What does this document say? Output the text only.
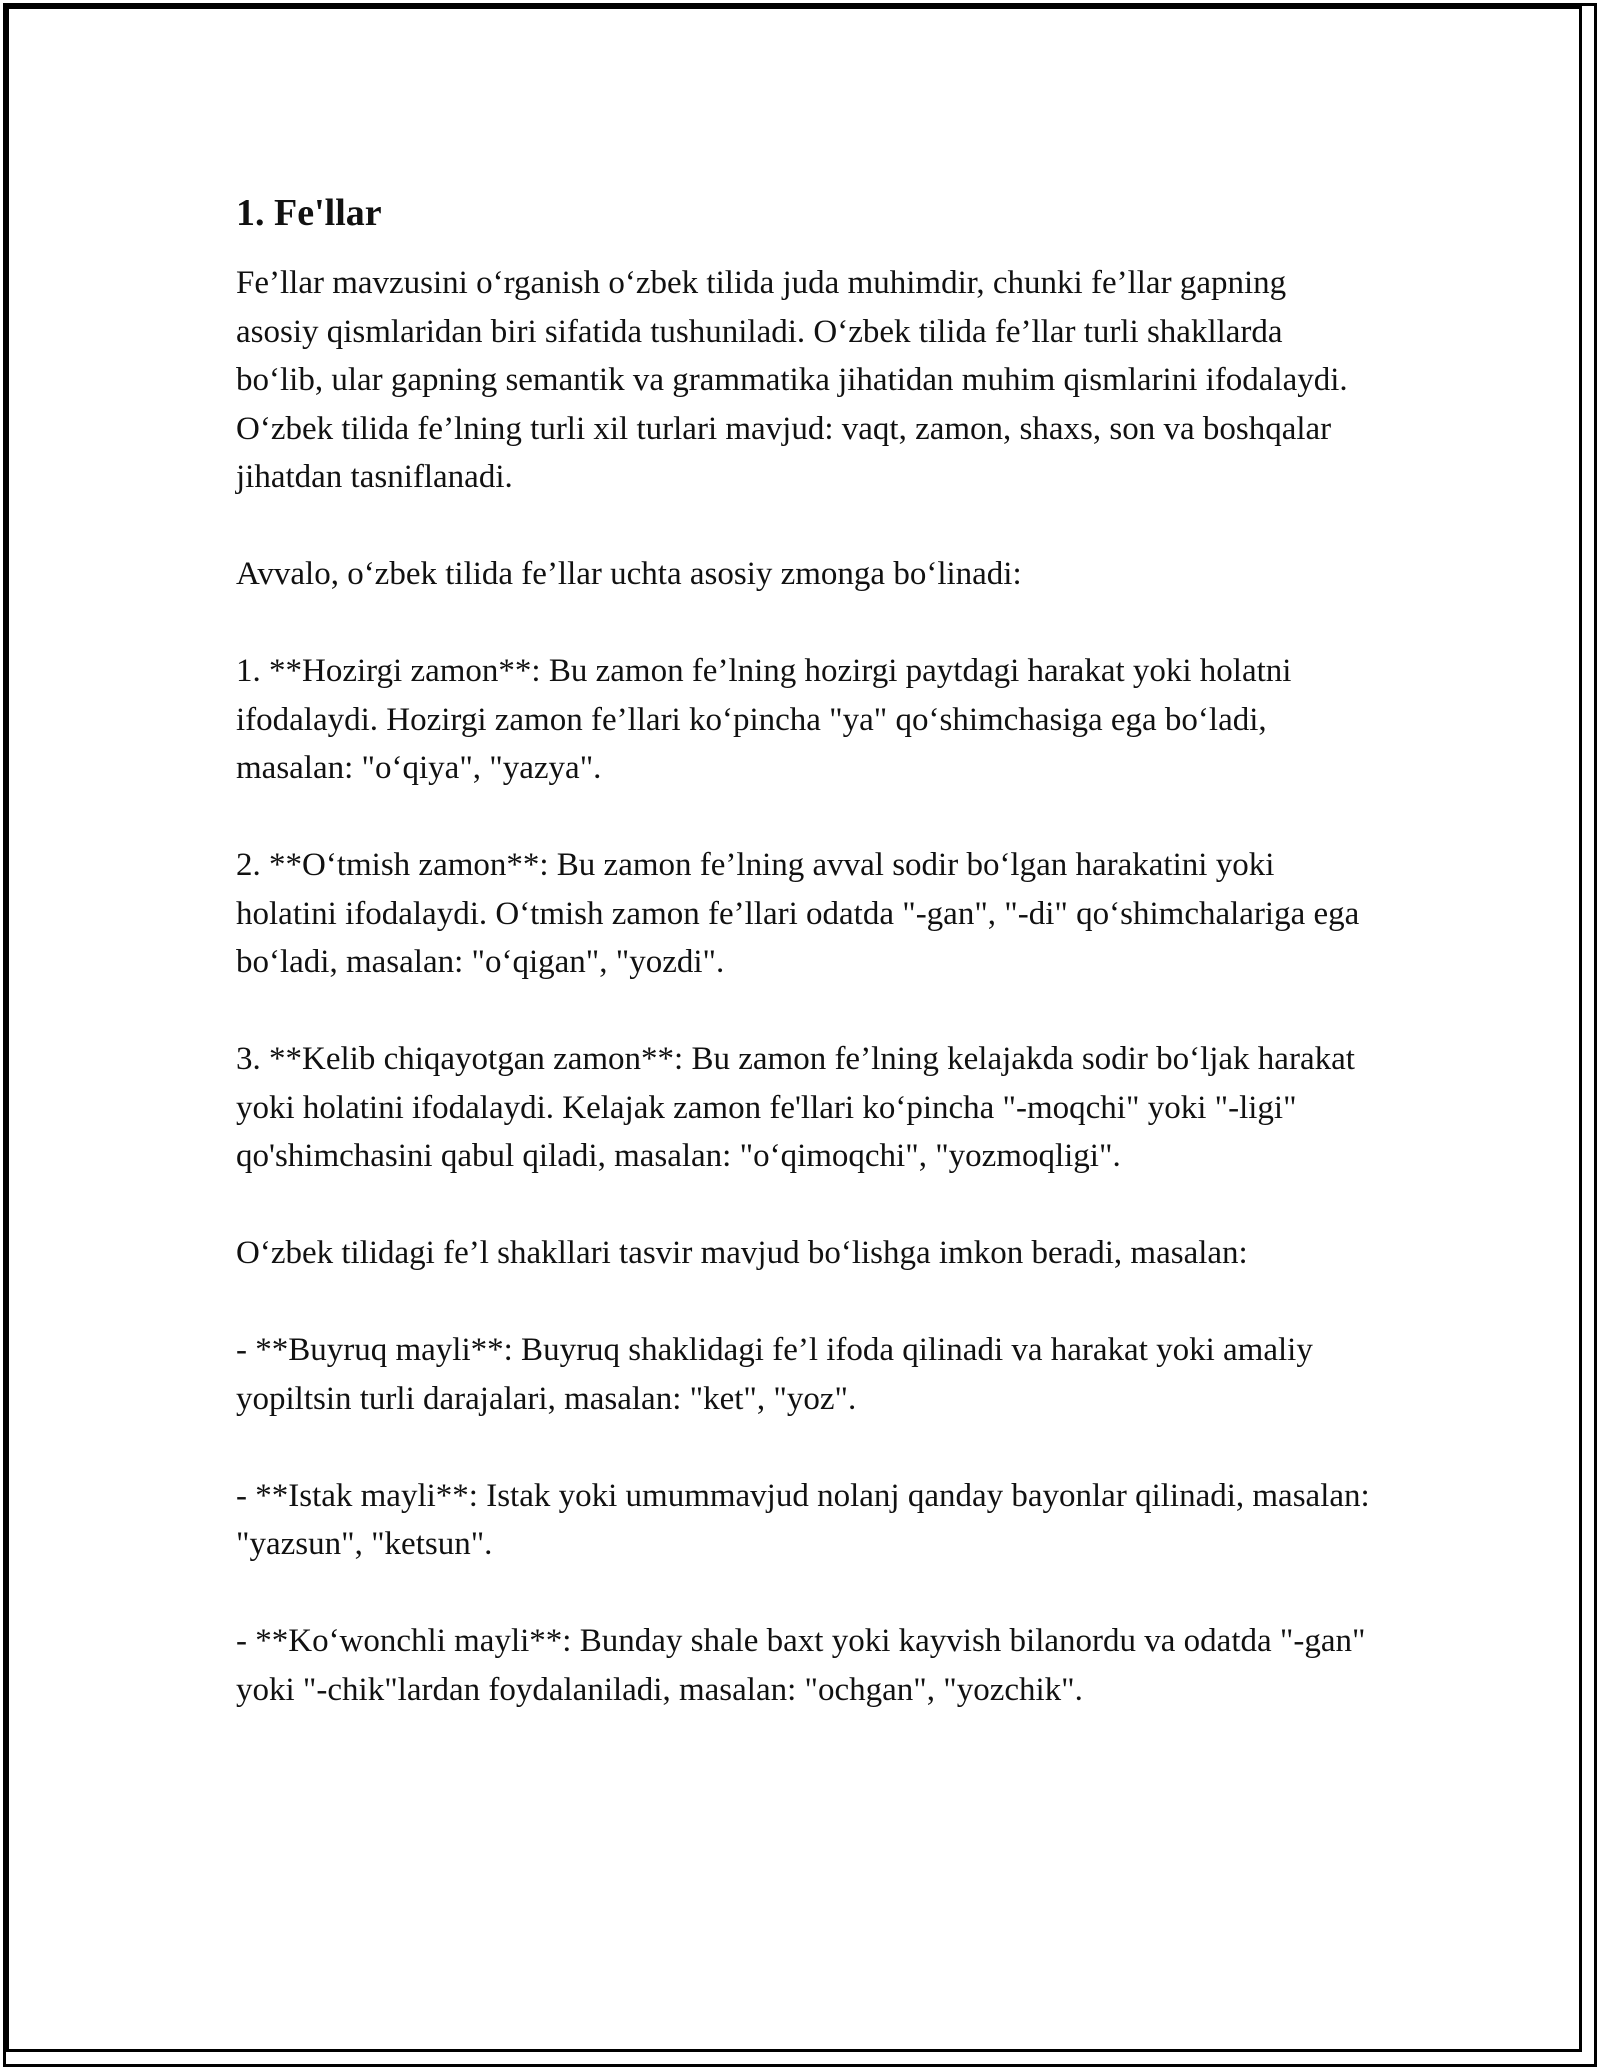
1. Fe'llar

Fe’llar mavzusini o‘rganish o‘zbek tilida juda muhimdir, chunki fe’llar gapning asosiy qismlaridan biri sifatida tushuniladi. O‘zbek tilida fe’llar turli shakllarda bo‘lib, ular gapning semantik va grammatika jihatidan muhim qismlarini ifodalaydi. O‘zbek tilida fe’lning turli xil turlari mavjud: vaqt, zamon, shaxs, son va boshqalar jihatdan tasniflanadi.

Avvalo, o‘zbek tilida fe’llar uchta asosiy zmonga bo‘linadi:

1. **Hozirgi zamon**: Bu zamon fe’lning hozirgi paytdagi harakat yoki holatni ifodalaydi. Hozirgi zamon fe’llari ko‘pincha "ya" qo‘shimchasiga ega bo‘ladi, masalan: "o‘qiya", "yazya".

2. **O‘tmish zamon**: Bu zamon fe’lning avval sodir bo‘lgan harakatini yoki holatini ifodalaydi. O‘tmish zamon fe’llari odatda "-gan", "-di" qo‘shimchalariga ega bo‘ladi, masalan: "o‘qigan", "yozdi".

3. **Kelib chiqayotgan zamon**: Bu zamon fe’lning kelajakda sodir bo‘ljak harakat yoki holatini ifodalaydi. Kelajak zamon fe'llari ko‘pincha "-moqchi" yoki "-ligi" qo'shimchasini qabul qiladi, masalan: "o‘qimoqchi", "yozmoqligi".

O‘zbek tilidagi fe’l shakllari tasvir mavjud bo‘lishga imkon beradi, masalan:

- **Buyruq mayli**: Buyruq shaklidagi fe’l ifoda qilinadi va harakat yoki amaliy yopiltsin turli darajalari, masalan: "ket", "yoz".

- **Istak mayli**: Istak yoki umummavjud nolanj qanday bayonlar qilinadi, masalan: "yazsun", "ketsun".

- **Ko‘wonchli mayli**: Bunday shale baxt yoki kayvish bilanordu va odatda "-gan" yoki "-chik"lardan foydalaniladi, masalan: "ochgan", "yozchik".
